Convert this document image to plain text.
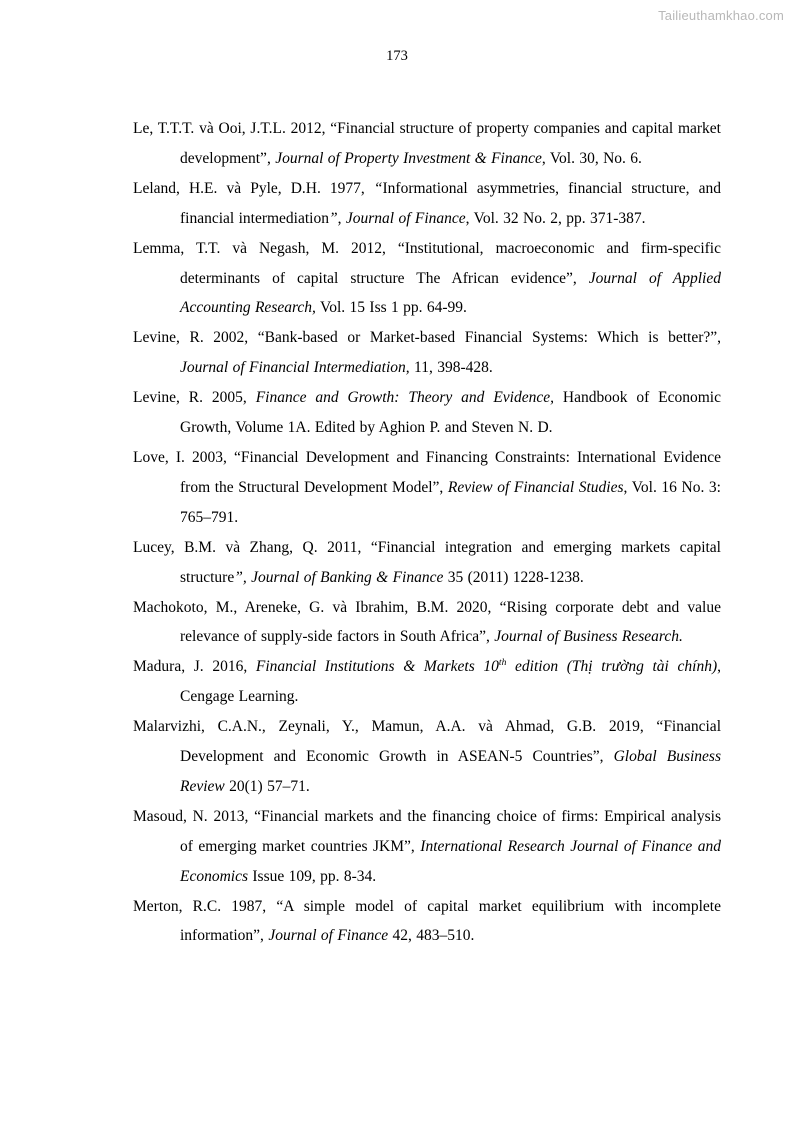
Tailieuthamkhao.com
173

Le, T.T.T. và Ooi, J.T.L. 2012, “Financial structure of property companies and capital market development”, Journal of Property Investment & Finance, Vol. 30, No. 6.

Leland, H.E. và Pyle, D.H. 1977, “Informational asymmetries, financial structure, and financial intermediation”, Journal of Finance, Vol. 32 No. 2, pp. 371-387.

Lemma, T.T. và Negash, M. 2012, “Institutional, macroeconomic and firm-specific determinants of capital structure The African evidence”, Journal of Applied Accounting Research, Vol. 15 Iss 1 pp. 64-99.

Levine, R. 2002, “Bank-based or Market-based Financial Systems: Which is better?”, Journal of Financial Intermediation, 11, 398-428.

Levine, R. 2005, Finance and Growth: Theory and Evidence, Handbook of Economic Growth, Volume 1A. Edited by Aghion P. and Steven N. D.

Love, I. 2003, “Financial Development and Financing Constraints: International Evidence from the Structural Development Model”, Review of Financial Studies, Vol. 16 No. 3: 765–791.

Lucey, B.M. và Zhang, Q. 2011, “Financial integration and emerging markets capital structure”, Journal of Banking & Finance 35 (2011) 1228-1238.

Machokoto, M., Areneke, G. và Ibrahim, B.M. 2020, “Rising corporate debt and value relevance of supply-side factors in South Africa”, Journal of Business Research.

Madura, J. 2016, Financial Institutions & Markets 10th edition (Thị trường tài chính), Cengage Learning.

Malarvizhi, C.A.N., Zeynali, Y., Mamun, A.A. và Ahmad, G.B. 2019, “Financial Development and Economic Growth in ASEAN-5 Countries”, Global Business Review 20(1) 57–71.

Masoud, N. 2013, “Financial markets and the financing choice of firms: Empirical analysis of emerging market countries JKM”, International Research Journal of Finance and Economics Issue 109, pp. 8-34.

Merton, R.C. 1987, “A simple model of capital market equilibrium with incomplete information”, Journal of Finance 42, 483–510.
